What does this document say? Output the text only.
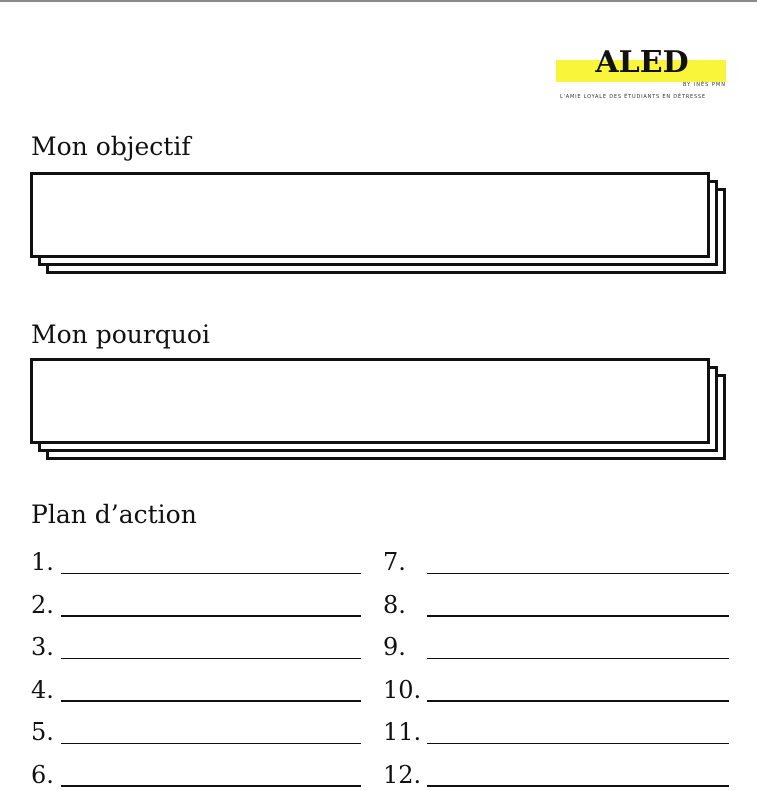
ALED
BY INÈS PMN
L'AMIE LOYALE DES ÉTUDIANTS EN DÉTRESSE
Mon objectif
Mon pourquoi
Plan d’action
1.
2.
3.
4.
5.
6.
7.
8.
9.
10.
11.
12.
